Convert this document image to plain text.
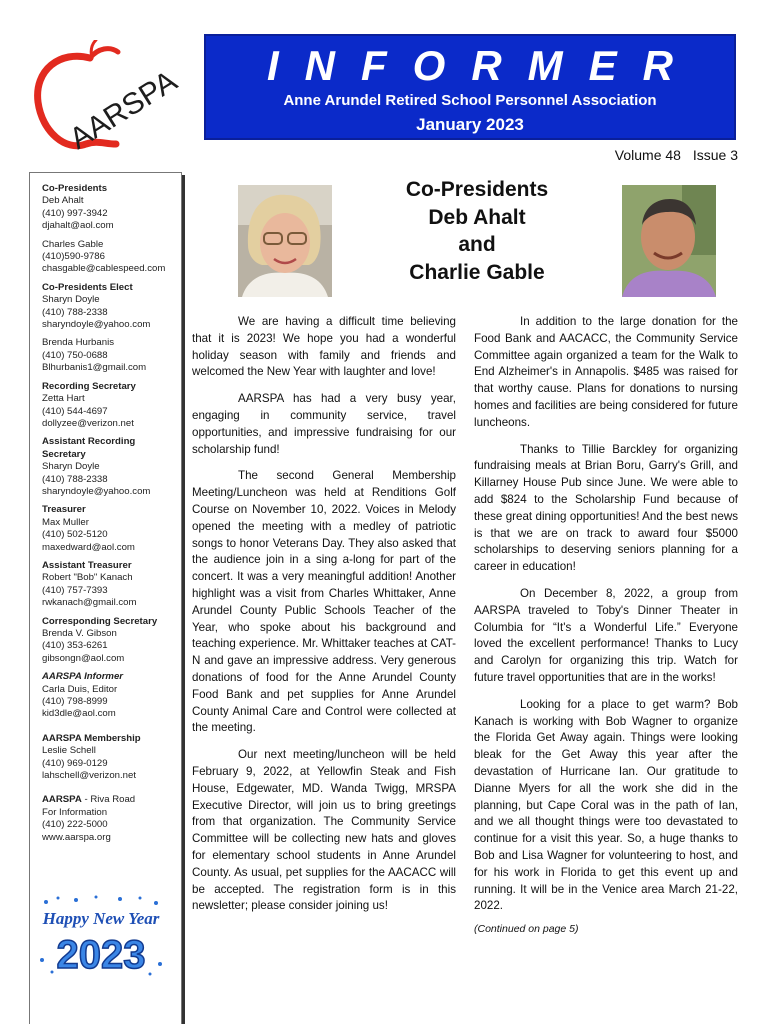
AARSPA	INFORMER
Anne Arundel Retired School Personnel Association
January 2023
Volume 48 Issue 3
Co-Presidents
Deb Ahalt
(410) 997-3942
djahalt@aol.com
Charles Gable
(410)590-9786
chasgable@cablespeed.com
Co-Presidents Elect
Sharyn Doyle
(410) 788-2338
sharyndoyle@yahoo.com
Brenda Hurbanis
(410) 750-0688
Blhurbanis1@gmail.com
Recording Secretary
Zetta Hart
(410) 544-4697
dollyzee@verizon.net
Assistant Recording Secretary
Sharyn Doyle
(410) 788-2338
sharyndoyle@yahoo.com
Treasurer
Max Muller
(410) 502-5120
maxedward@aol.com
Assistant Treasurer
Robert "Bob" Kanach
(410) 757-7393
rwkanach@gmail.com
Corresponding Secretary
Brenda V. Gibson
(410) 353-6261
gibsongn@aol.com
AARSPA Informer
Carla Duis, Editor
(410) 798-8999
kid3dle@aol.com
AARSPA Membership
Leslie Schell
(410) 969-0129
lahschell@verizon.net
AARSPA - Riva Road
For Information
(410) 222-5000
www.aarspa.org
Happy New Year
2023
Co-Presidents
Deb Ahalt
and
Charlie Gable

We are having a difficult time believing that it is 2023! We hope you had a wonderful holiday season with family and friends and welcomed the New Year with laughter and love!

AARSPA has had a very busy year, engaging in community service, travel opportunities, and impressive fundraising for our scholarship fund!

The second General Membership Meeting/Luncheon was held at Renditions Golf Course on November 10, 2022. Voices in Melody opened the meeting with a medley of patriotic songs to honor Veterans Day. They also asked that the audience join in a sing a-long for part of the concert. It was a very meaningful addition! Another highlight was a visit from Charles Whittaker, Anne Arundel County Public Schools Teacher of the Year, who spoke about his background and teaching experience. Mr. Whittaker teaches at CAT-N and gave an impressive address. Very generous donations of food for the Anne Arundel County Food Bank and pet supplies for Anne Arundel County Animal Care and Control were collected at the meeting.

Our next meeting/luncheon will be held February 9, 2022, at Yellowfin Steak and Fish House, Edgewater, MD. Wanda Twigg, MRSPA Executive Director, will join us to bring greetings from that organization. The Community Service Committee will be collecting new hats and gloves for elementary school students in Anne Arundel County. As usual, pet supplies for the AACACC will be accepted. The registration form is in this newsletter; please consider joining us!

In addition to the large donation for the Food Bank and AACACC, the Community Service Committee again organized a team for the Walk to End Alzheimer's in Annapolis. $485 was raised for that worthy cause. Plans for donations to nursing homes and facilities are being considered for future luncheons.

Thanks to Tillie Barckley for organizing fundraising meals at Brian Boru, Garry's Grill, and Killarney House Pub since June. We were able to add $824 to the Scholarship Fund because of these great dining opportunities! And the best news is that we are on track to award four $5000 scholarships to deserving seniors planning for a career in education!

On December 8, 2022, a group from AARSPA traveled to Toby's Dinner Theater in Columbia for “It's a Wonderful Life.” Everyone loved the excellent performance! Thanks to Lucy and Carolyn for organizing this trip. Watch for future travel opportunities that are in the works!

Looking for a place to get warm? Bob Kanach is working with Bob Wagner to organize the Florida Get Away again. Things were looking bleak for the Get Away this year after the devastation of Hurricane Ian. Our gratitude to Dianne Myers for all the work she did in the planning, but Cape Coral was in the path of Ian, and we all thought things were too devastated to continue for a visit this year. So, a huge thanks to Bob and Lisa Wagner for volunteering to host, and for his work in Florida to get this event up and running. It will be in the Venice area March 21-22, 2022.

(Continued on page 5)
